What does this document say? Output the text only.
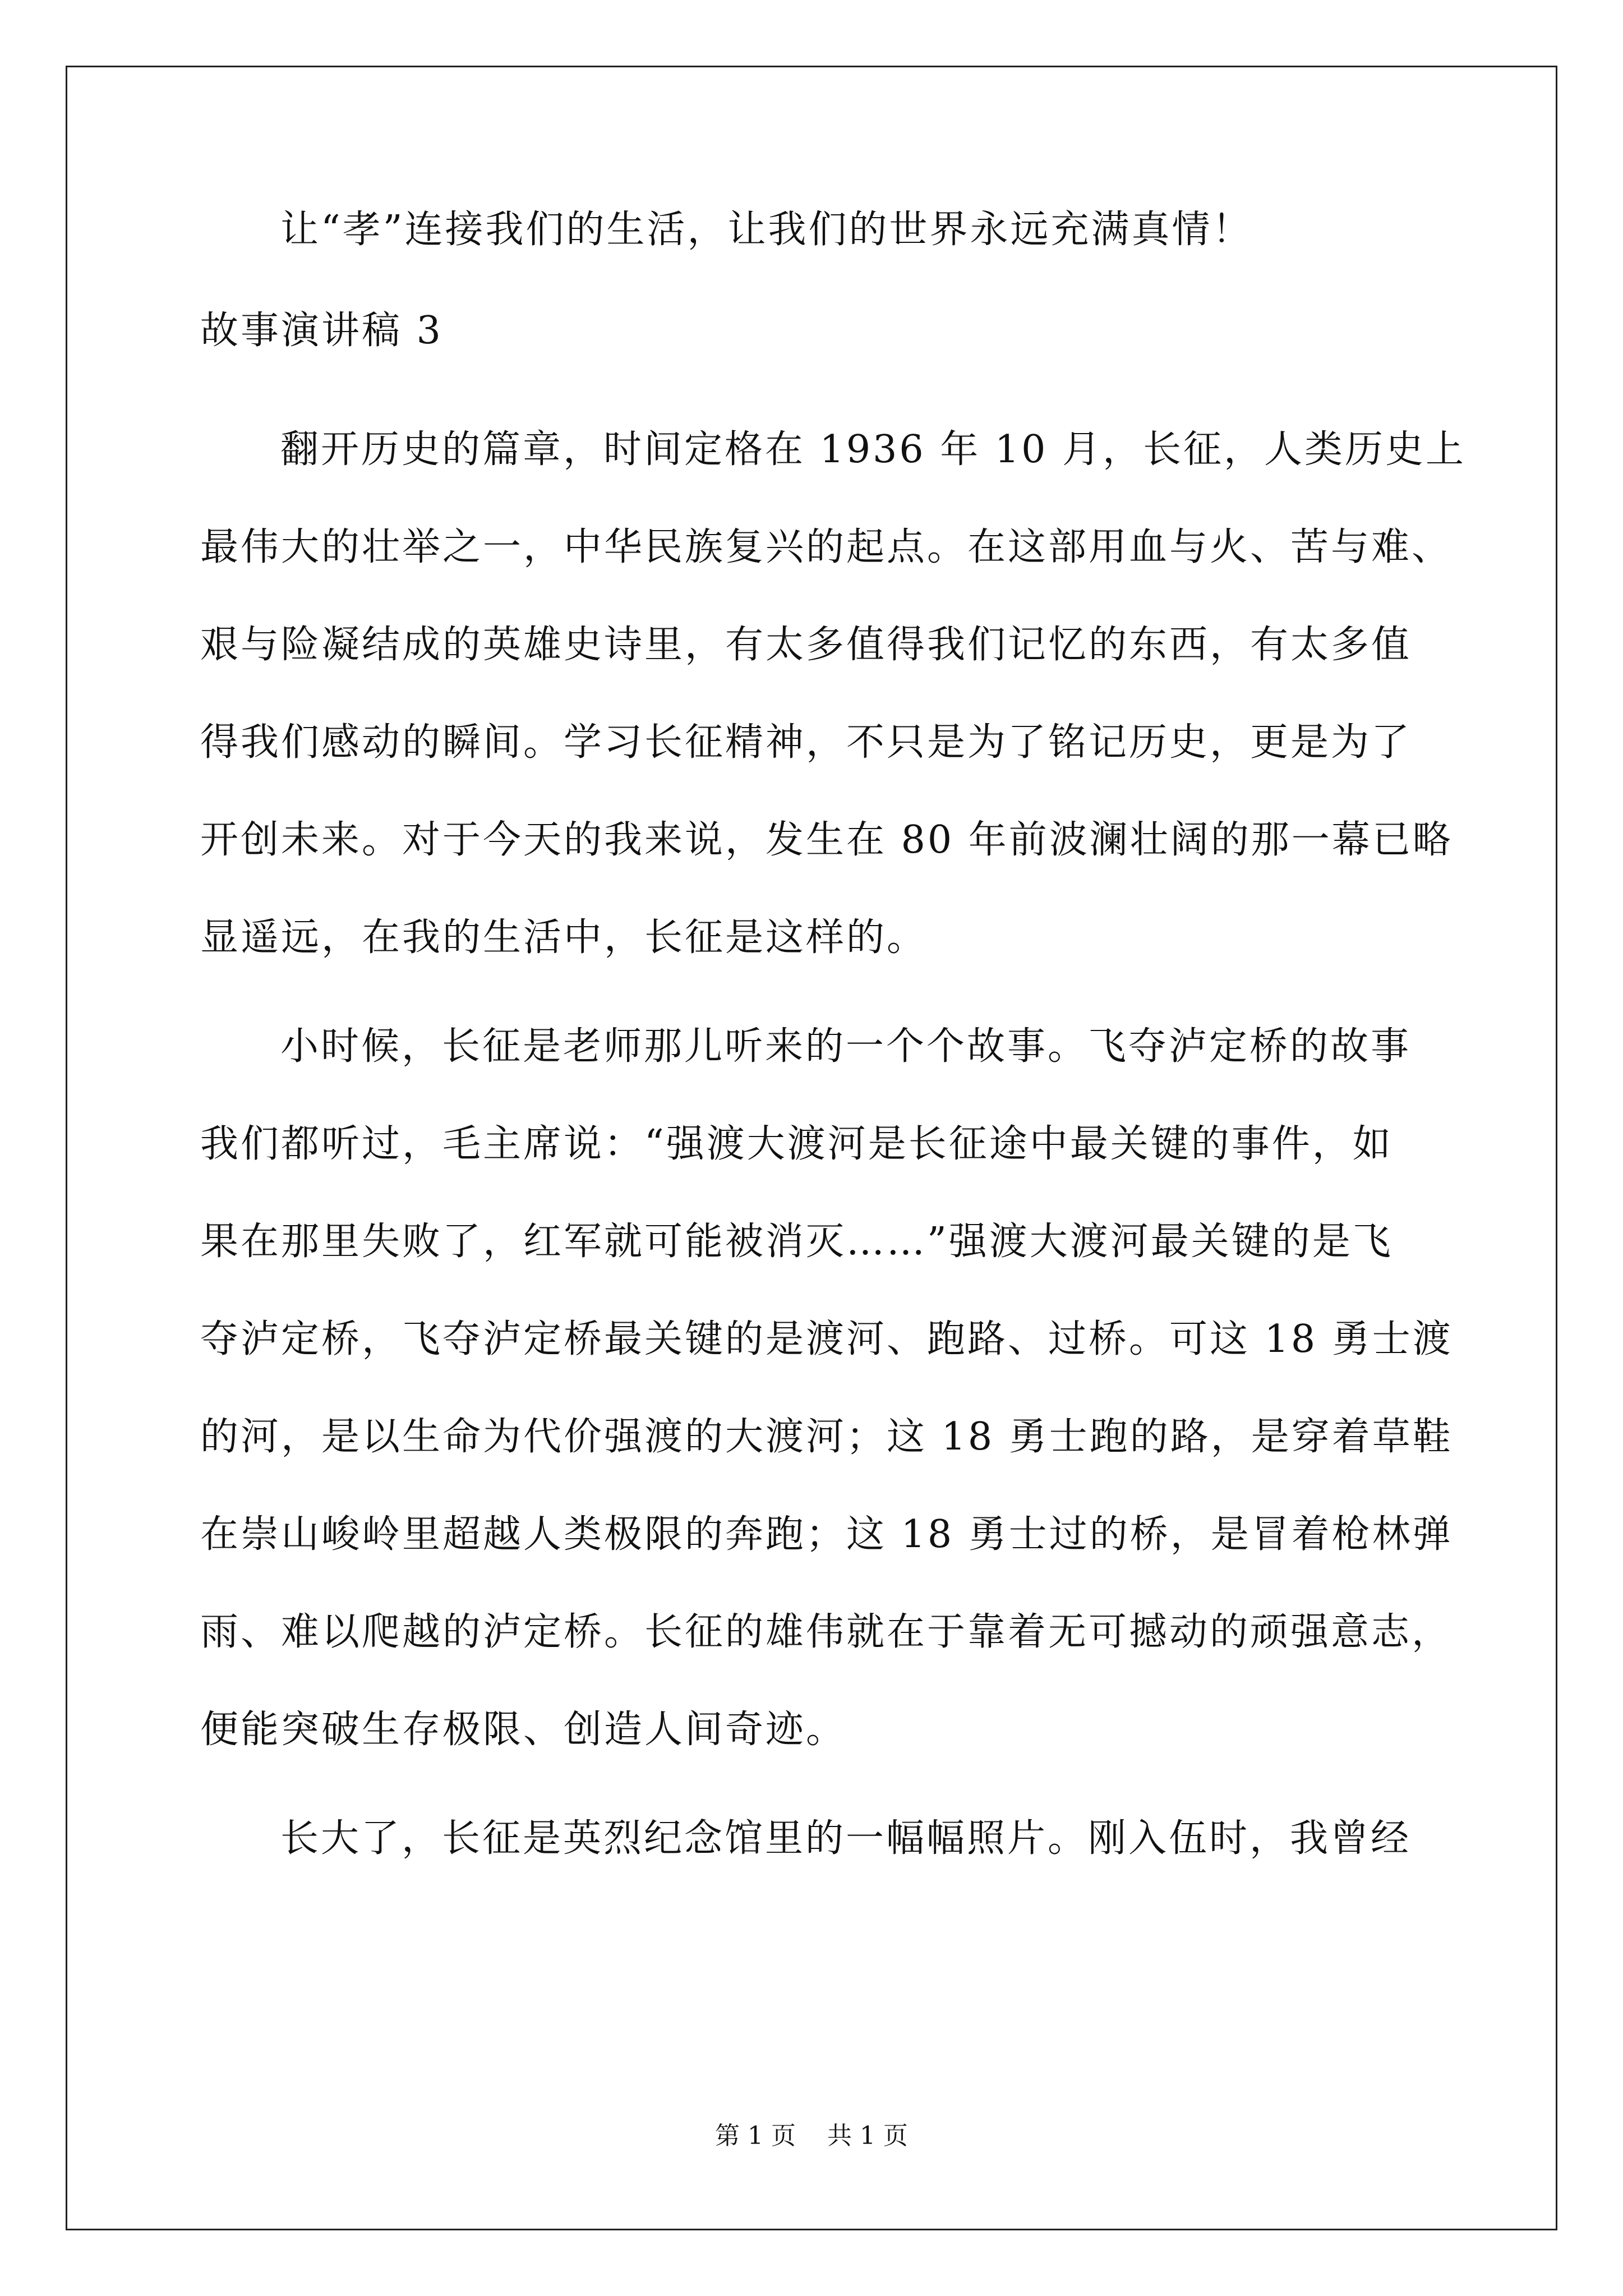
让“孝”连接我们的生活，让我们的世界永远充满真情！
故事演讲稿 3
翻开历史的篇章，时间定格在 1936 年 10 月，长征，人类历史上
最伟大的壮举之一，中华民族复兴的起点。在这部用血与火、苦与难、
艰与险凝结成的英雄史诗里，有太多值得我们记忆的东西，有太多值
得我们感动的瞬间。学习长征精神，不只是为了铭记历史，更是为了
开创未来。对于今天的我来说，发生在 80 年前波澜壮阔的那一幕已略
显遥远，在我的生活中，长征是这样的。
小时候，长征是老师那儿听来的一个个故事。飞夺泸定桥的故事
我们都听过，毛主席说：“强渡大渡河是长征途中最关键的事件，如
果在那里失败了，红军就可能被消灭……”强渡大渡河最关键的是飞
夺泸定桥，飞夺泸定桥最关键的是渡河、跑路、过桥。可这 18 勇士渡
的河，是以生命为代价强渡的大渡河；这 18 勇士跑的路，是穿着草鞋
在崇山峻岭里超越人类极限的奔跑；这 18 勇士过的桥，是冒着枪林弹
雨、难以爬越的泸定桥。长征的雄伟就在于靠着无可撼动的顽强意志，
便能突破生存极限、创造人间奇迹。
长大了，长征是英烈纪念馆里的一幅幅照片。刚入伍时，我曾经
第 1 页    共 1 页
